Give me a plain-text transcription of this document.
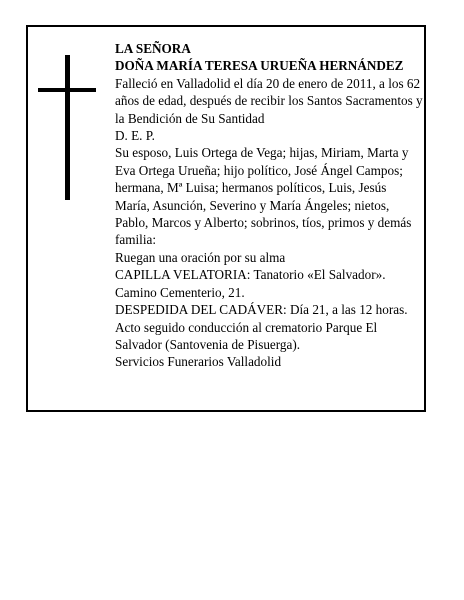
LA SEÑORA
DOÑA MARÍA TERESA URUEÑA HERNÁNDEZ
Falleció en Valladolid el día 20 de enero de 2011, a los 62 años de edad, después de recibir los Santos Sacramentos y la Bendición de Su Santidad
D. E. P.
Su esposo, Luis Ortega de Vega; hijas, Miriam, Marta y Eva Ortega Urueña; hijo político, José Ángel Campos; hermana, Mª Luisa; hermanos políticos, Luis, Jesús María, Asunción, Severino y María Ángeles; nietos, Pablo, Marcos y Alberto; sobrinos, tíos, primos y demás familia:
Ruegan una oración por su alma
CAPILLA VELATORIA: Tanatorio «El Salvador». Camino Cementerio, 21.
DESPEDIDA DEL CADÁVER: Día 21, a las 12 horas. Acto seguido conducción al crematorio Parque El Salvador (Santovenia de Pisuerga).
Servicios Funerarios Valladolid
